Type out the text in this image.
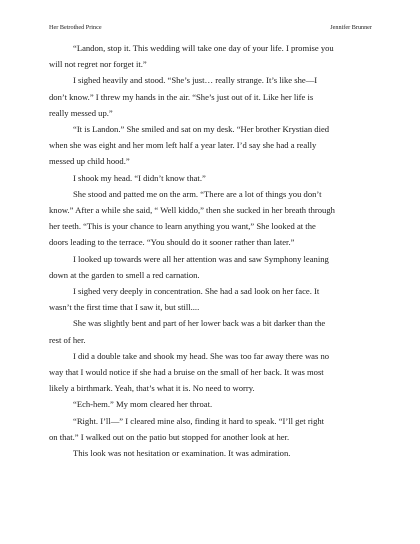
Her Betrothed Prince	Jennifer Brunner
“Landon, stop it. This wedding will take one day of your life. I promise you
will not regret nor forget it.”
I sighed heavily and stood. “She’s just… really strange. It’s like she—I
don’t know.” I threw my hands in the air. “She’s just out of it. Like her life is
really messed up.”
“It is Landon.” She smiled and sat on my desk. “Her brother Krystian died
when she was eight and her mom left half a year later. I’d say she had a really
messed up child hood.”
I shook my head. “I didn’t know that.”
She stood and patted me on the arm. “There are a lot of things you don’t
know.” After a while she said, “ Well kiddo,” then she sucked in her breath through
her teeth. “This is your chance to learn anything you want,” She looked at the
doors leading to the terrace. “You should do it sooner rather than later.”
I looked up towards were all her attention was and saw Symphony leaning
down at the garden to smell a red carnation.
I sighed very deeply in concentration. She had a sad look on her face. It
wasn’t the first time that I saw it, but still....
She was slightly bent and part of her lower back was a bit darker than the
rest of her.
I did a double take and shook my head. She was too far away there was no
way that I would notice if she had a bruise on the small of her back. It was most
likely a birthmark. Yeah, that’s what it is. No need to worry.
“Ech-hem.” My mom cleared her throat.
“Right. I’ll—” I cleared mine also, finding it hard to speak. “I’ll get right
on that.” I walked out on the patio but stopped for another look at her.
This look was not hesitation or examination. It was admiration.
